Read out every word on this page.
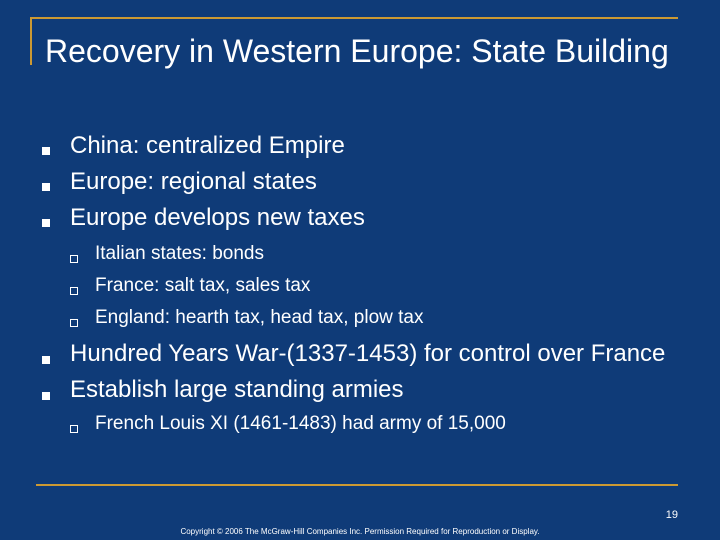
Recovery in Western Europe: State Building
China: centralized Empire
Europe: regional states
Europe develops new taxes
Italian states: bonds
France: salt tax, sales tax
England: hearth tax, head tax, plow tax
Hundred Years War-(1337-1453) for control over France
Establish large standing armies
French Louis XI (1461-1483) had army of 15,000
19
Copyright © 2006 The McGraw-Hill Companies Inc. Permission Required for Reproduction or Display.
